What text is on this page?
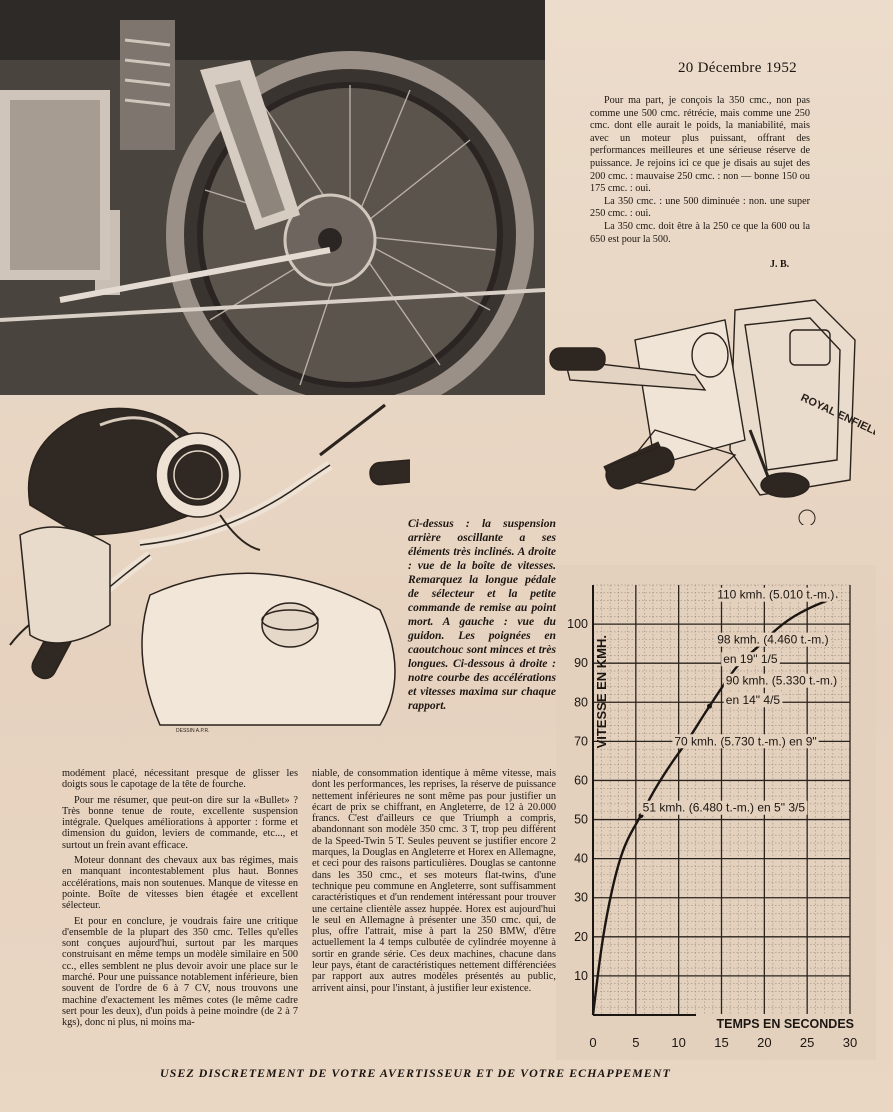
20 Décembre 1952

Pour ma part, je conçois la 350 cmc., non pas comme une 500 cmc. rétrécie, mais comme une 250 cmc. dont elle aurait le poids, la maniabilité, mais avec un moteur plus puissant, offrant des performances meilleures et une sérieuse réserve de puissance. Je rejoins ici ce que je disais au sujet des 200 cmc. : mauvaise 250 cmc. : non — bonne 150 ou 175 cmc. : oui.

La 350 cmc. : une 500 diminuée : non. une super 250 cmc. : oui.

La 350 cmc. doit être à la 250 ce que la 600 ou la 650 est pour la 500.

J. B.
ROYAL ENFIELD
DESSIN A.P.R.
Ci-dessus : la suspension arrière oscillante a ses éléments très inclinés. A droite : vue de la boîte de vitesses. Remarquez la longue pédale de sélecteur et la petite commande de remise au point mort. A gauche : vue du guidon. Les poignées en caoutchouc sont minces et très longues. Ci-dessous à droite : notre courbe des accélérations et vitesses maxima sur chaque rapport.
0	5 10 15 20 25 30
10
20
30
40
50
60
70
80
90
100
110 kmh. (5.010 t.-m.)
98 kmh. (4.460 t.-m.)
en 19" 1/5
90 kmh. (5.330 t.-m.)
en 14" 4/5
70 kmh. (5.730 t.-m.) en 9"
51 kmh. (6.480 t.-m.) en 5" 3/5
VITESSE EN KMH.
TEMPS EN SECONDES

modément placé, nécessitant presque de glisser les doigts sous le capotage de la tête de fourche.

Pour me résumer, que peut-on dire sur la «Bullet» ? Très bonne tenue de route, excellente suspension intégrale. Quelques améliorations à apporter : forme et dimension du guidon, leviers de commande, etc..., et surtout un frein avant efficace.

Moteur donnant des chevaux aux bas régimes, mais en manquant incontestablement plus haut. Bonnes accélérations, mais non soutenues. Manque de vitesse en pointe. Boîte de vitesses bien étagée et excellent sélecteur.

Et pour en conclure, je voudrais faire une critique d'ensemble de la plupart des 350 cmc. Telles qu'elles sont conçues aujourd'hui, surtout par les marques construisant en même temps un modèle similaire en 500 cc., elles semblent ne plus devoir avoir une place sur le marché. Pour une puissance notablement inférieure, bien souvent de l'ordre de 6 à 7 CV, nous trouvons une machine d'exactement les mêmes cotes (le même cadre sert pour les deux), d'un poids à peine moindre (de 2 à 7 kgs), donc ni plus, ni moins ma-

niable, de consommation identique à même vitesse, mais dont les performances, les reprises, la réserve de puissance nettement inférieures ne sont même pas pour justifier un écart de prix se chiffrant, en Angleterre, de 12 à 20.000 francs. C'est d'ailleurs ce que Triumph a compris, abandonnant son modèle 350 cmc. 3 T, trop peu différent de la Speed-Twin 5 T. Seules peuvent se justifier encore 2 marques, la Douglas en Angleterre et Horex en Allemagne, et ceci pour des raisons particulières. Douglas se cantonne dans les 350 cmc., et ses moteurs flat-twins, d'une technique peu commune en Angleterre, sont suffisamment caractéristiques et d'un rendement intéressant pour trouver une certaine clientèle assez huppée. Horex est aujourd'hui le seul en Allemagne à présenter une 350 cmc. qui, de plus, offre l'attrait, mise à part la 250 BMW, d'être actuellement la 4 temps culbutée de cylindrée moyenne à sortir en grande série. Ces deux machines, chacune dans leur pays, étant de caractéristiques nettement différenciées par rapport aux autres modèles présentés au public, arrivent ainsi, pour l'instant, à justifier leur existence.

USEZ DISCRETEMENT DE VOTRE AVERTISSEUR ET DE VOTRE ECHAPPEMENT
